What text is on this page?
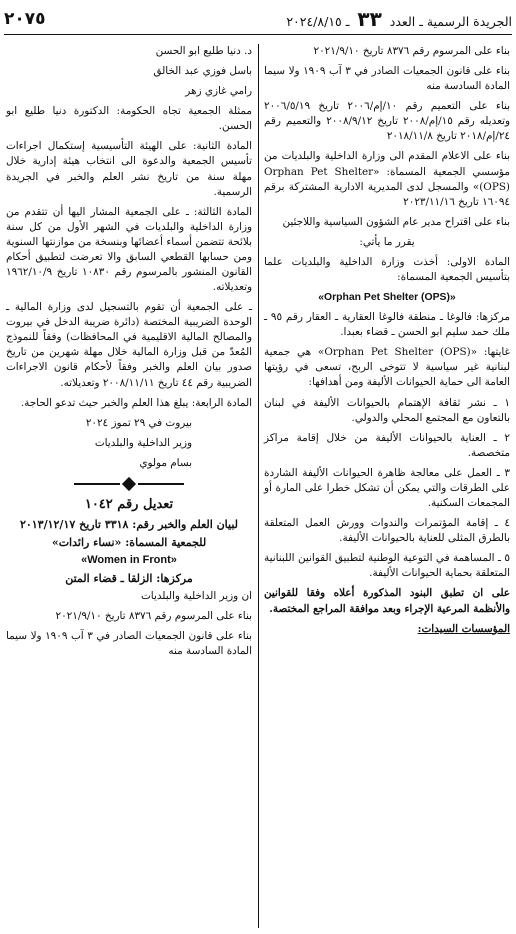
الجريدة الرسمية ـ العدد ٣٣ ـ ٢٠٢٤/٨/١٥
٢٠٧٥

بناء على المرسوم رقم ٨٣٧٦ تاريخ ٢٠٢١/٩/١٠

بناء على قانون الجمعيات الصادر في ٣ آب ١٩٠٩ ولا سيما المادة السادسة منه

بناء على التعميم رقم ١٠/إم/٢٠٠٦ تاريخ ٢٠٠٦/٥/١٩ وتعديله رقم ١٥/إم/٢٠٠٨ تاريخ ٢٠٠٨/٩/١٢ والتعميم رقم ٢٤/إم/٢٠١٨ تاريخ ٢٠١٨/١١/٨

بناء على الاعلام المقدم الى وزارة الداخلية والبلديات من مؤسسي الجمعية المسماة: «Orphan Pet Shelter (OPS)» والمسجل لدى المديرية الادارية المشتركة برقم ١٦٠٩٤ تاريخ ٢٠٢٣/١١/١٦

بناء على اقتراح مدير عام الشؤون السياسية واللاجئين

يقرر ما يأتي:

المادة الاولى: أخذت وزارة الداخلية والبلديات علما بتأسيس الجمعية المسماة:

«Orphan Pet Shelter (OPS)»

مركزها: فالوغا ـ منطقة فالوغا العقارية ـ العقار رقم ٩٥ ـ ملك حمد سليم ابو الحسن ـ قضاء بعبدا.

غايتها: «Orphan Pet Shelter (OPS)» هي جمعية لبنانية غير سياسية لا تتوخى الربح، تسعى في رؤيتها العامة الى حماية الحيوانات الأليفة ومن أهدافها:

١ ـ نشر ثقافة الإهتمام بالحيوانات الأليفة في لبنان بالتعاون مع المجتمع المحلي والدولي.

٢ ـ العناية بالحيوانات الأليفة من خلال إقامة مراكز متخصصة.

٣ ـ العمل على معالجة ظاهرة الحيوانات الأليفة الشاردة على الطرقات والتي يمكن أن تشكل خطرا على المارة أو المجمعات السكنية.

٤ ـ إقامة المؤتمرات والندوات وورش العمل المتعلقة بالطرق المثلى للعناية بالحيوانات الأليفة.

٥ ـ المساهمة في التوعية الوطنية لتطبيق القوانين اللبنانية المتعلقة بحماية الحيوانات الأليفة.

على ان تطبق البنود المذكورة أعلاه وفقا للقوانين والأنظمة المرعية الإجراء وبعد موافقة المراجع المختصة.

المؤسسات السيدات:

د. دنيا طليع ابو الحسن

باسل فوزي عبد الخالق

رامي غازي زهر

ممثلة الجمعية تجاه الحكومة: الدكتورة دنيا طليع ابو الحسن.

المادة الثانية: على الهيئة التأسيسية إستكمال اجراءات تأسيس الجمعية والدعوة الى انتخاب هيئة إدارية خلال مهلة سنة من تاريخ نشر العلم والخبر في الجريدة الرسمية.

المادة الثالثة: ـ على الجمعية المشار اليها أن تتقدم من وزارة الداخلية والبلديات في الشهر الأول من كل سنة بلائحة تتضمن أسماء أعضائها وبنسخة من موازنتها السنوية ومن حسابها القطعي السابق والا تعرضت لتطبيق أحكام القانون المنشور بالمرسوم رقم ١٠٨٣٠ تاريخ ١٩٦٢/١٠/٩ وتعديلاته.

ـ على الجمعية أن تقوم بالتسجيل لدى وزارة المالية ـ الوحدة الضريبية المختصة (دائرة ضريبة الدخل في بيروت والمصالح المالية الاقليمية في المحافظات) وفقاً للنموذج المُعدّ من قبل وزارة المالية خلال مهلة شهرين من تاريخ صدور بيان العلم والخبر وفقاً لأحكام قانون الاجراءات الضريبية رقم ٤٤ تاريخ ٢٠٠٨/١١/١١ وتعديلاته.

المادة الرابعة: يبلغ هذا العلم والخبر حيث تدعو الحاجة.

بيروت في ٢٩ تموز ٢٠٢٤

وزير الداخلية والبلديات

بسام مولوي

تعديل رقم ١٠٤٢
لبيان العلم والخبر رقم: ٣٣١٨ تاريخ ٢٠١٣/١٢/١٧
للجمعية المسماة: «نساء رائدات»
«Women in Front»
مركزها: الزلقا ـ قضاء المتن

ان وزير الداخلية والبلديات

بناء على المرسوم رقم ٨٣٧٦ تاريخ ٢٠٢١/٩/١٠

بناء على قانون الجمعيات الصادر في ٣ آب ١٩٠٩ ولا سيما المادة السادسة منه
